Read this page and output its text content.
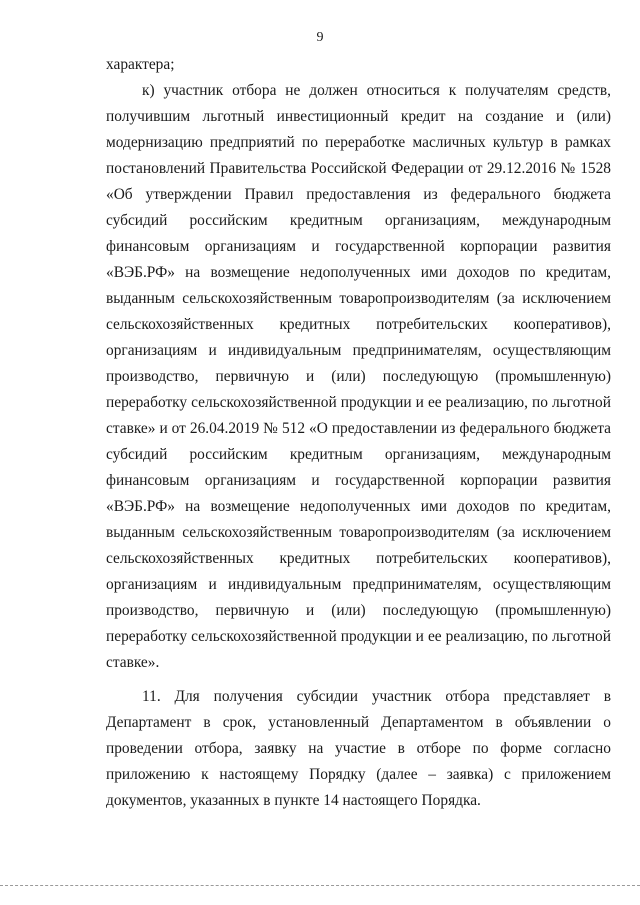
9

характера;

к) участник отбора не должен относиться к получателям средств,
получившим льготный инвестиционный кредит на создание и (или)
модернизацию предприятий по переработке масличных культур в рамках
постановлений Правительства Российской Федерации от 29.12.2016 № 1528
«Об утверждении Правил предоставления из федерального бюджета
субсидий российским кредитным организациям, международным
финансовым организациям и государственной корпорации развития
«ВЭБ.РФ» на возмещение недополученных ими доходов по кредитам,
выданным сельскохозяйственным товаропроизводителям (за исключением
сельскохозяйственных кредитных потребительских кооперативов),
организациям и индивидуальным предпринимателям, осуществляющим
производство, первичную и (или) последующую (промышленную)
переработку сельскохозяйственной продукции и ее реализацию, по льготной
ставке» и от 26.04.2019 № 512 «О предоставлении из федерального бюджета
субсидий российским кредитным организациям, международным
финансовым организациям и государственной корпорации развития
«ВЭБ.РФ» на возмещение недополученных ими доходов по кредитам,
выданным сельскохозяйственным товаропроизводителям (за исключением
сельскохозяйственных кредитных потребительских кооперативов),
организациям и индивидуальным предпринимателям, осуществляющим
производство, первичную и (или) последующую (промышленную)
переработку сельскохозяйственной продукции и ее реализацию, по льготной
ставке».

11. Для получения субсидии участник отбора представляет в
Департамент в срок, установленный Департаментом в объявлении о
проведении отбора, заявку на участие в отборе по форме согласно
приложению к настоящему Порядку (далее – заявка) с приложением
документов, указанных в пункте 14 настоящего Порядка.
